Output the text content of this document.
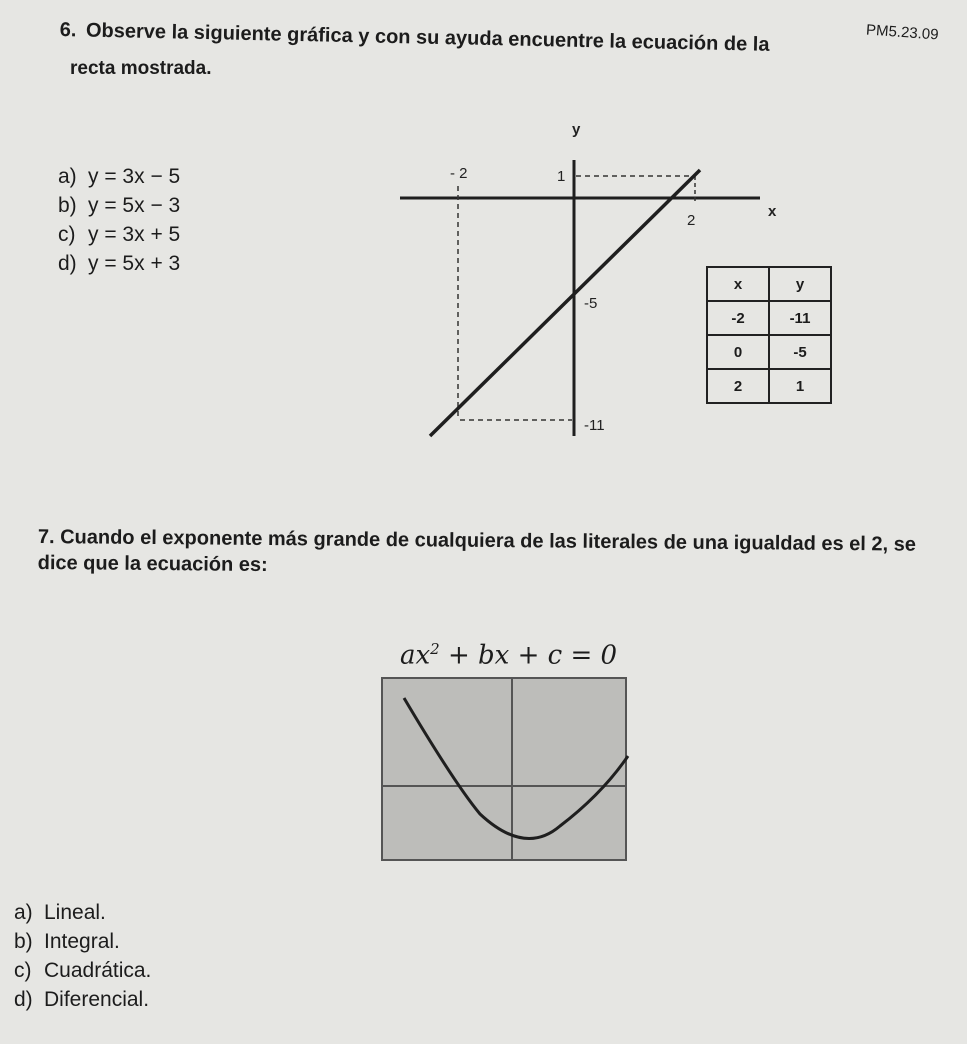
PM5.23.09
6. Observe la siguiente gráfica y con su ayuda encuentre la ecuación de la
recta mostrada.
a) y = 3x − 5
b) y = 5x − 3
c) y = 3x + 5
d) y = 5x + 3
y
x
- 2	1
2
-5
-11
x	y
-2	-11
0	-5
2	1
7. Cuando el exponente más grande de cualquiera de las literales de una igualdad es el 2, se dice que la ecuación es:
$ax^2$ + bx + c = 0
a) Lineal.
b) Integral.
c) Cuadrática.
d) Diferencial.
